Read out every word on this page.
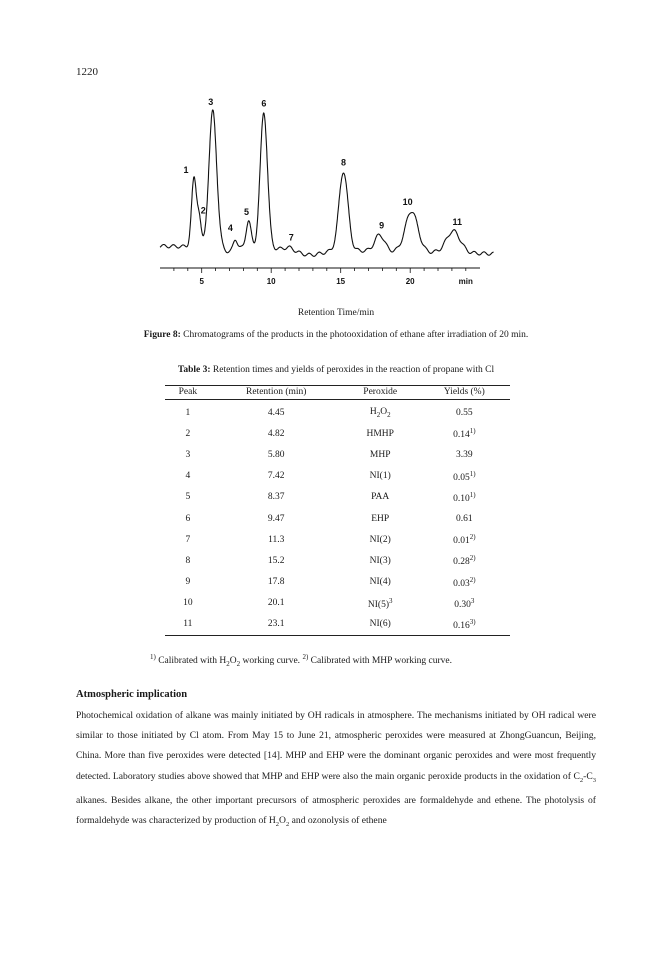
1220
1
2
3
4
5
6
7
8
9
10
11
5	10	15	20	min
Retention Time/min
Figure 8: Chromatograms of the products in the photooxidation of ethane after irradiation of 20 min.
Table 3: Retention times and yields of peroxides in the reaction of propane with Cl
Peak	Retention (min)	Peroxide	Yields (%)
1	4.45	$H_2O_2$	0.55
2	4.82	HMHP	0.14$^{1)}$
3	5.80	MHP	3.39
4	7.42	NI(1)	0.05$^{1)}$
5	8.37	PAA	0.10$^{1)}$
6	9.47	EHP	0.61
7	11.3	NI(2)	0.01$^{2)}$
8	15.2	NI(3)	0.28$^{2)}$
9	17.8	NI(4)	0.03$^{2)}$
10	20.1	$NI(5)^3$	0.30$^3$
11	23.1	NI(6)	0.16$^{3)}$
$^{1)}$ Calibrated with $H_2O_2$ working curve. $^{2)}$ Calibrated with MHP working curve.
Atmospheric implication
Photochemical oxidation of alkane was mainly initiated by OH radicals in atmosphere. The mechanisms initiated by OH radical were similar to those initiated by Cl atom. From May 15 to June 21, atmospheric peroxides were measured at ZhongGuancun, Beijing, China. More than five peroxides were detected [14]. MHP and EHP were the dominant organic peroxides and were most frequently detected. Laboratory studies above showed that MHP and EHP were also the main organic peroxide products in the oxidation of $C_2-C_3$ alkanes. Besides alkane, the other important precursors of atmospheric peroxides are formaldehyde and ethene. The photolysis of formaldehyde was characterized by production of $H_2O_2$ and ozonolysis of ethene
